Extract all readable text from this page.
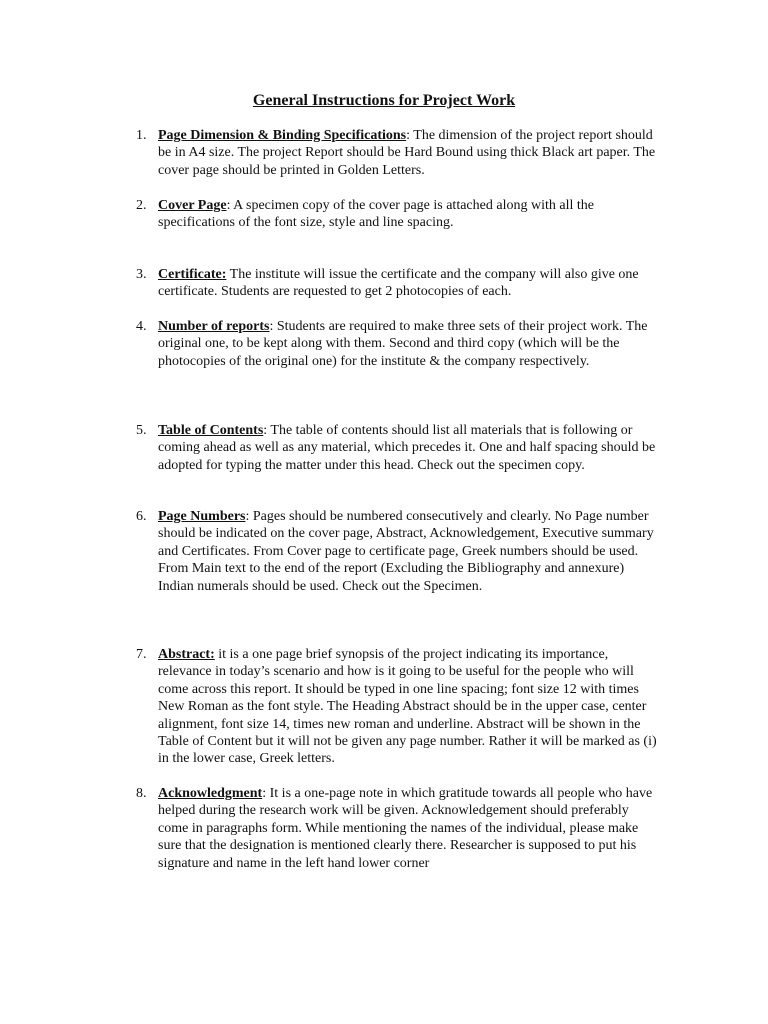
General Instructions for Project Work
1. Page Dimension & Binding Specifications: The dimension of the project report should be in A4 size. The project Report should be Hard Bound using thick Black art paper. The cover page should be printed in Golden Letters.
2. Cover Page: A specimen copy of the cover page is attached along with all the specifications of the font size, style and line spacing.
3. Certificate: The institute will issue the certificate and the company will also give one certificate. Students are requested to get 2 photocopies of each.
4. Number of reports: Students are required to make three sets of their project work. The original one, to be kept along with them. Second and third copy (which will be the photocopies of the original one) for the institute & the company respectively.
5. Table of Contents: The table of contents should list all materials that is following or coming ahead as well as any material, which precedes it. One and half spacing should be adopted for typing the matter under this head. Check out the specimen copy.
6. Page Numbers: Pages should be numbered consecutively and clearly. No Page number should be indicated on the cover page, Abstract, Acknowledgement, Executive summary and Certificates. From Cover page to certificate page, Greek numbers should be used. From Main text to the end of the report (Excluding the Bibliography and annexure) Indian numerals should be used. Check out the Specimen.
7. Abstract: it is a one page brief synopsis of the project indicating its importance, relevance in today’s scenario and how is it going to be useful for the people who will come across this report. It should be typed in one line spacing; font size 12 with times New Roman as the font style. The Heading Abstract should be in the upper case, center alignment, font size 14, times new roman and underline. Abstract will be shown in the Table of Content but it will not be given any page number. Rather it will be marked as (i) in the lower case, Greek letters.
8. Acknowledgment: It is a one-page note in which gratitude towards all people who have helped during the research work will be given. Acknowledgement should preferably come in paragraphs form. While mentioning the names of the individual, please make sure that the designation is mentioned clearly there. Researcher is supposed to put his signature and name in the left hand lower corner
